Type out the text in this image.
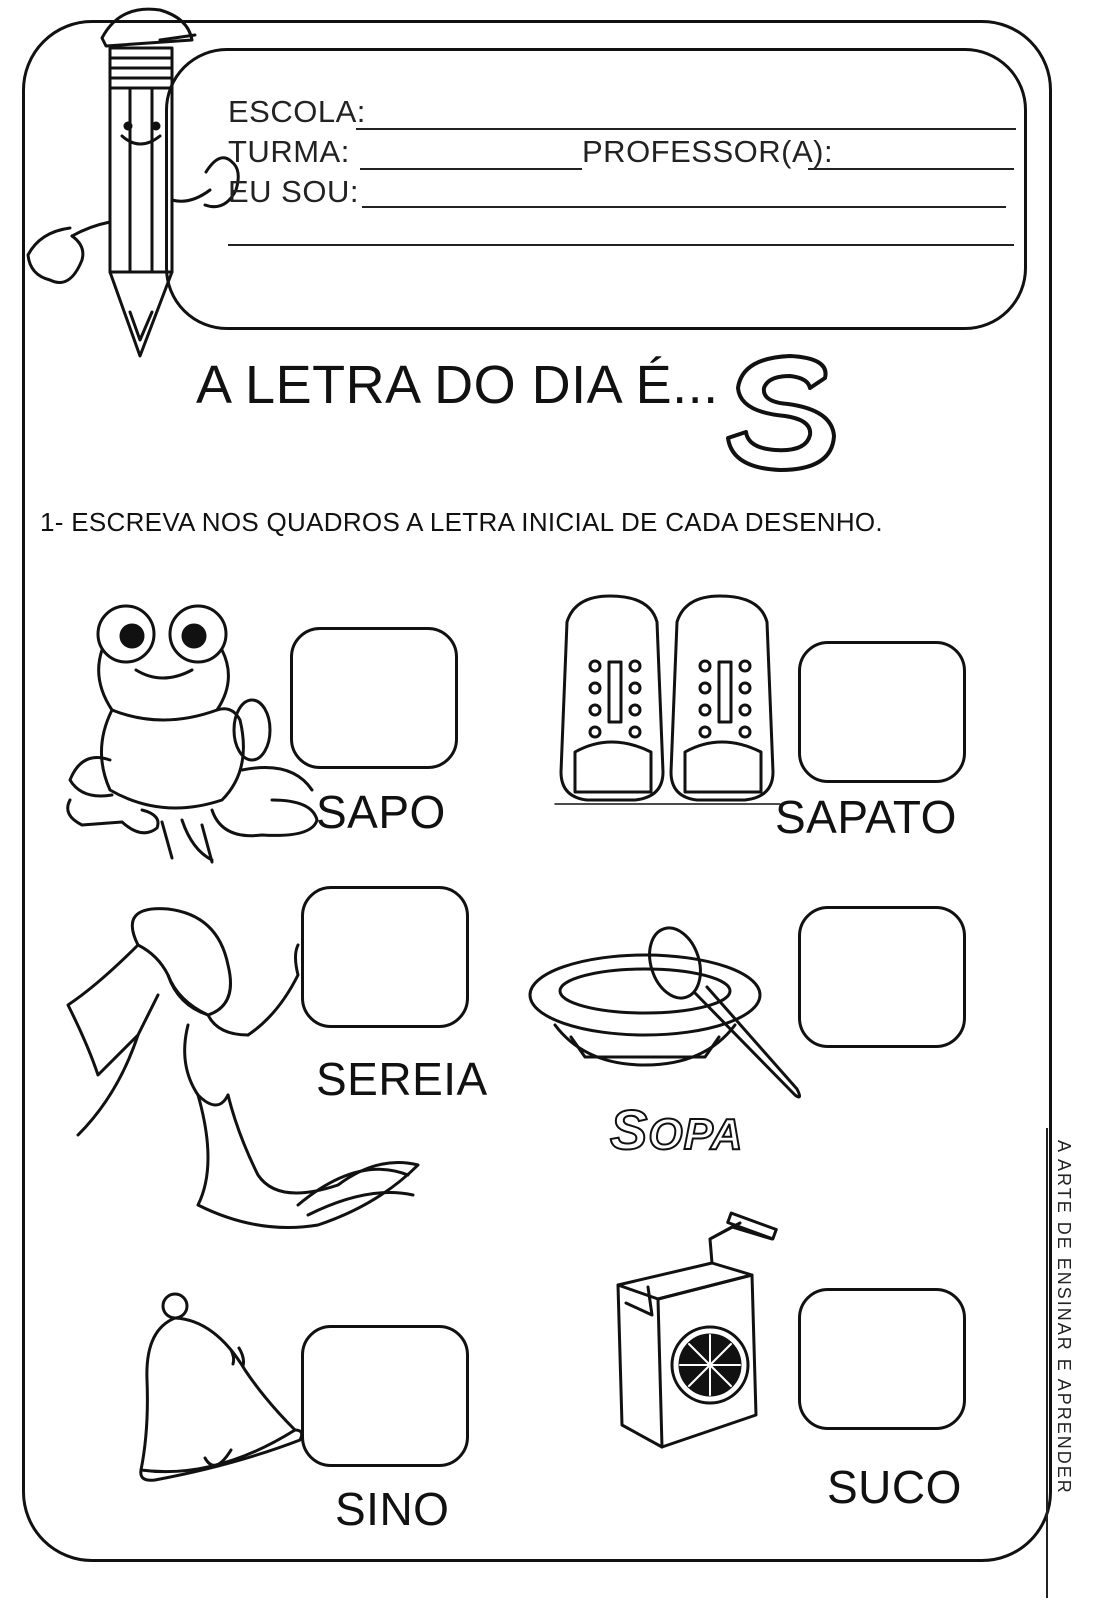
ESCOLA:
TURMA:	PROFESSOR(A):
EU SOU:
A LETRA DO DIA É...
1- ESCREVA NOS QUADROS A LETRA INICIAL DE CADA DESENHO.
SAPO	SAPATO
SEREIA
SOPA
SINO	SUCO	A ARTE DE ENSINAR E APRENDER
